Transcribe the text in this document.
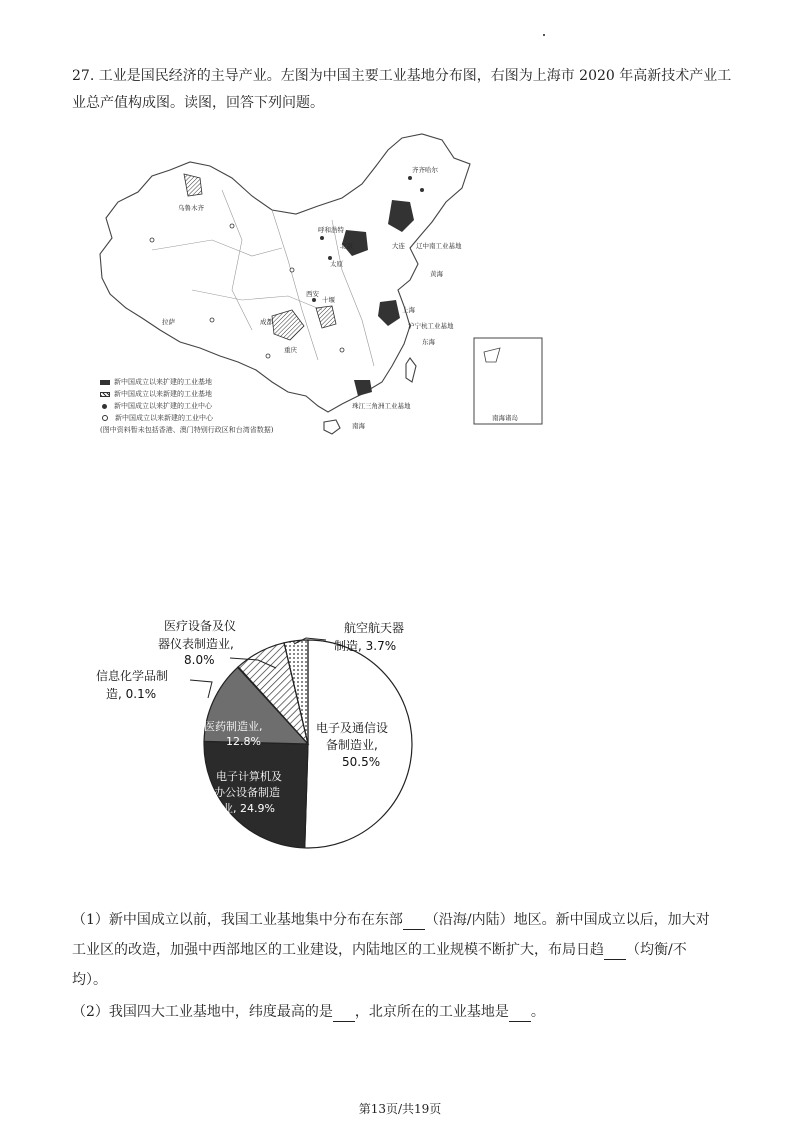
27. 工业是国民经济的主导产业。左图为中国主要工业基地分布图，右图为上海市 2020 年高新技术产业工
业总产值构成图。读图，回答下列问题。
齐齐哈尔
乌鲁木齐
呼和浩特
北京	大连 辽中南工业基地
太原
西安
成都
重庆
十堰
上海
沪宁杭工业基地
拉萨
珠江三角洲工业基地
东海
南海诸岛
黄海
南海
新中国成立以来扩建的工业基地
新中国成立以来新建的工业基地
新中国成立以来扩建的工业中心
新中国成立以来新建的工业中心
(图中资料暂未包括香港、澳门特别行政区和台湾省数据)
电子及通信设
备制造业,
50.5%
医药制造业,
12.8%
电子计算机及
办公设备制造
业, 24.9%
信息化学品制
造, 0.1%
医疗设备及仪
器仪表制造业,
8.0%
航空航天器
制造, 3.7%
（1）新中国成立以前，我国工业基地集中分布在东部 （沿海/内陆）地区。新中国成立以后，加大对
工业区的改造，加强中西部地区的工业建设，内陆地区的工业规模不断扩大，布局日趋 （均衡/不
均）。
（2）我国四大工业基地中，纬度最高的是 ，北京所在的工业基地是 。
第13页/共19页
